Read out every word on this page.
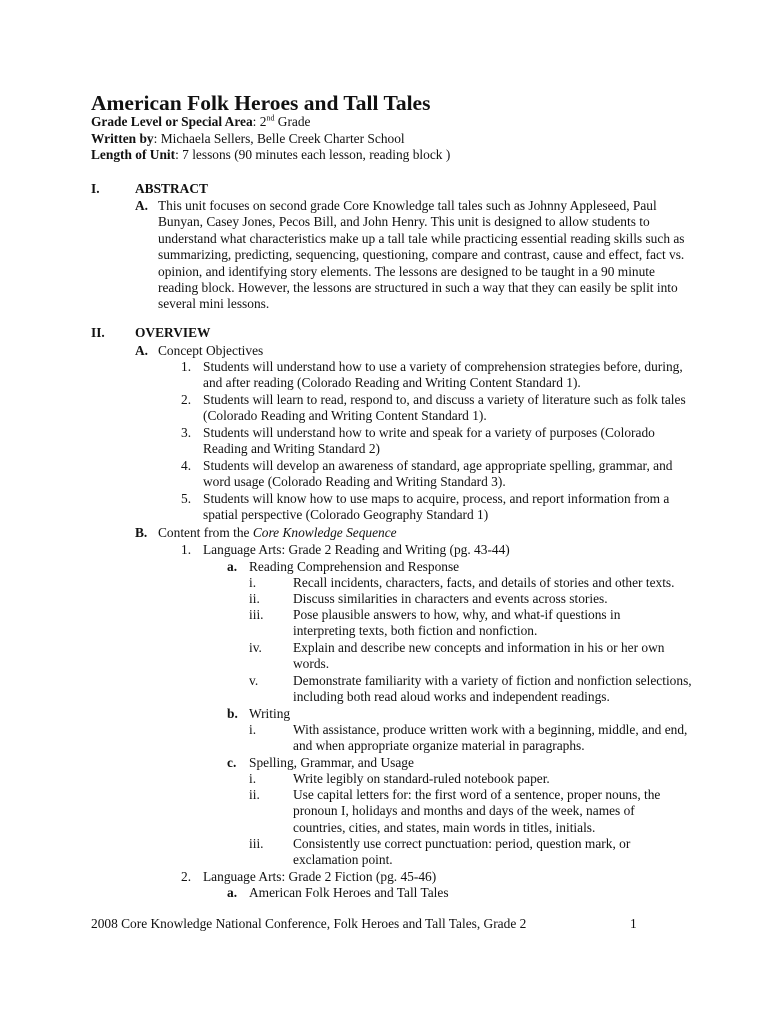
American Folk Heroes and Tall Tales
Grade Level or Special Area: 2nd Grade
Written by: Michaela Sellers, Belle Creek Charter School
Length of Unit: 7 lessons (90 minutes each lesson, reading block )
I.	ABSTRACT
A. This unit focuses on second grade Core Knowledge tall tales such as Johnny Appleseed, Paul Bunyan, Casey Jones, Pecos Bill, and John Henry. This unit is designed to allow students to understand what characteristics make up a tall tale while practicing essential reading skills such as summarizing, predicting, sequencing, questioning, compare and contrast, cause and effect, fact vs. opinion, and identifying story elements. The lessons are designed to be taught in a 90 minute reading block. However, the lessons are structured in such a way that they can easily be split into several mini lessons.
II. OVERVIEW
A. Concept Objectives
1. Students will understand how to use a variety of comprehension strategies before, during, and after reading (Colorado Reading and Writing Content Standard 1).
2. Students will learn to read, respond to, and discuss a variety of literature such as folk tales (Colorado Reading and Writing Content Standard 1).
3. Students will understand how to write and speak for a variety of purposes (Colorado Reading and Writing Standard 2)
4. Students will develop an awareness of standard, age appropriate spelling, grammar, and word usage (Colorado Reading and Writing Standard 3).
5. Students will know how to use maps to acquire, process, and report information from a spatial perspective (Colorado Geography Standard 1)
B. Content from the Core Knowledge Sequence
1. Language Arts: Grade 2 Reading and Writing (pg. 43-44)
a. Reading Comprehension and Response
i.	Recall incidents, characters, facts, and details of stories and other texts.
ii. Discuss similarities in characters and events across stories.
iii. Pose plausible answers to how, why, and what-if questions in interpreting texts, both fiction and nonfiction.
iv. Explain and describe new concepts and information in his or her own words.
v.	Demonstrate familiarity with a variety of fiction and nonfiction selections, including both read aloud works and independent readings.
b. Writing
i.	With assistance, produce written work with a beginning, middle, and end, and when appropriate organize material in paragraphs.
c. Spelling, Grammar, and Usage
i.	Write legibly on standard-ruled notebook paper.
ii. Use capital letters for: the first word of a sentence, proper nouns, the pronoun I, holidays and months and days of the week, names of countries, cities, and states, main words in titles, initials.
iii. Consistently use correct punctuation: period, question mark, or exclamation point.
2. Language Arts: Grade 2 Fiction (pg. 45-46)
a. American Folk Heroes and Tall Tales
2008 Core Knowledge National Conference, Folk Heroes and Tall Tales, Grade 2	1
